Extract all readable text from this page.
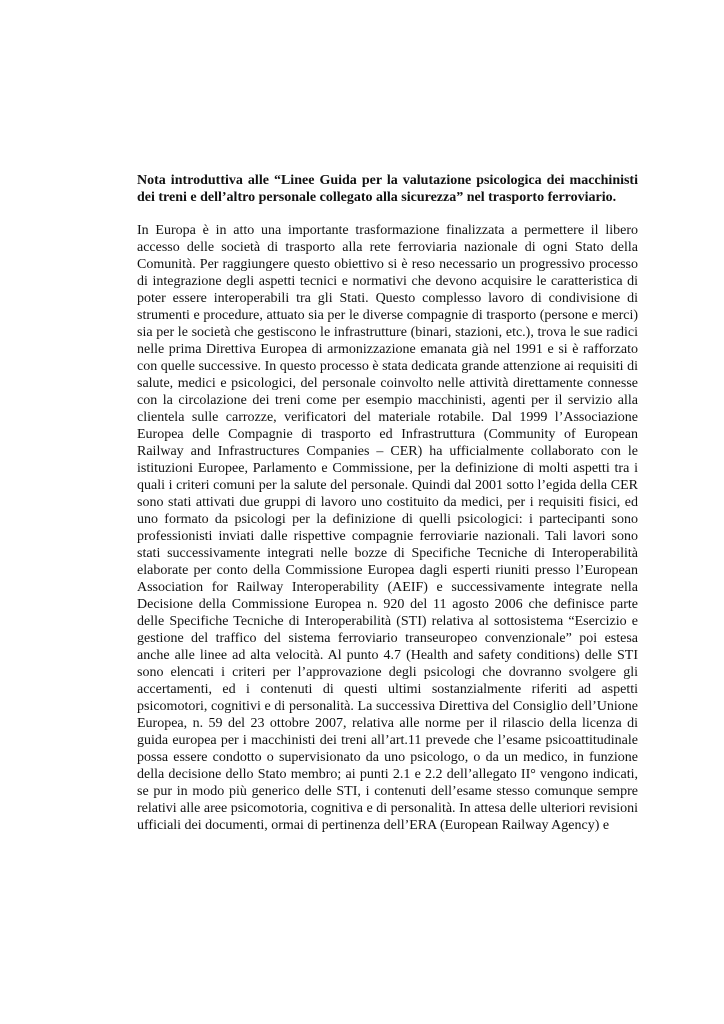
Nota introduttiva alle “Linee Guida per la valutazione psicologica dei macchinisti dei treni e dell’altro personale collegato alla sicurezza” nel trasporto ferroviario.

In Europa è in atto una importante trasformazione finalizzata a permettere il libero accesso delle società di trasporto alla rete ferroviaria nazionale di ogni Stato della Comunità. Per raggiungere questo obiettivo si è reso necessario un progressivo processo di integrazione degli aspetti tecnici e normativi che devono acquisire le caratteristica di poter essere interoperabili tra gli Stati. Questo complesso lavoro di condivisione di strumenti e procedure, attuato sia per le diverse compagnie di trasporto (persone e merci) sia per le società che gestiscono le infrastrutture (binari, stazioni, etc.), trova le sue radici nelle prima Direttiva Europea di armonizzazione emanata già nel 1991 e si è rafforzato con quelle successive. In questo processo è stata dedicata grande attenzione ai requisiti di salute, medici e psicologici, del personale coinvolto nelle attività direttamente connesse con la circolazione dei treni come per esempio macchinisti, agenti per il servizio alla clientela sulle carrozze, verificatori del materiale rotabile. Dal 1999 l’Associazione Europea delle Compagnie di trasporto ed Infrastruttura (Community of European Railway and Infrastructures Companies – CER) ha ufficialmente collaborato con le istituzioni Europee, Parlamento e Commissione, per la definizione di molti aspetti tra i quali i criteri comuni per la salute del personale. Quindi dal 2001 sotto l’egida della CER sono stati attivati due gruppi di lavoro uno costituito da medici, per i requisiti fisici, ed uno formato da psicologi per la definizione di quelli psicologici: i partecipanti sono professionisti inviati dalle rispettive compagnie ferroviarie nazionali. Tali lavori sono stati successivamente integrati nelle bozze di Specifiche Tecniche di Interoperabilità elaborate per conto della Commissione Europea dagli esperti riuniti presso l’European Association for Railway Interoperability (AEIF) e successivamente integrate nella Decisione della Commissione Europea n. 920 del 11 agosto 2006 che definisce parte delle Specifiche Tecniche di Interoperabilità (STI) relativa al sottosistema “Esercizio e gestione del traffico del sistema ferroviario transeuropeo convenzionale” poi estesa anche alle linee ad alta velocità. Al punto 4.7 (Health and safety conditions) delle STI sono elencati i criteri per l’approvazione degli psicologi che dovranno svolgere gli accertamenti, ed i contenuti di questi ultimi sostanzialmente riferiti ad aspetti psicomotori, cognitivi e di personalità. La successiva Direttiva del Consiglio dell’Unione Europea, n. 59 del 23 ottobre 2007, relativa alle norme per il rilascio della licenza di guida europea per i macchinisti dei treni all’art.11 prevede che l’esame psicoattitudinale possa essere condotto o supervisionato da uno psicologo, o da un medico, in funzione della decisione dello Stato membro; ai punti 2.1 e 2.2 dell’allegato II° vengono indicati, se pur in modo più generico delle STI, i contenuti dell’esame stesso comunque sempre relativi alle aree psicomotoria, cognitiva e di personalità. In attesa delle ulteriori revisioni ufficiali dei documenti, ormai di pertinenza dell’ERA (European Railway Agency) e
